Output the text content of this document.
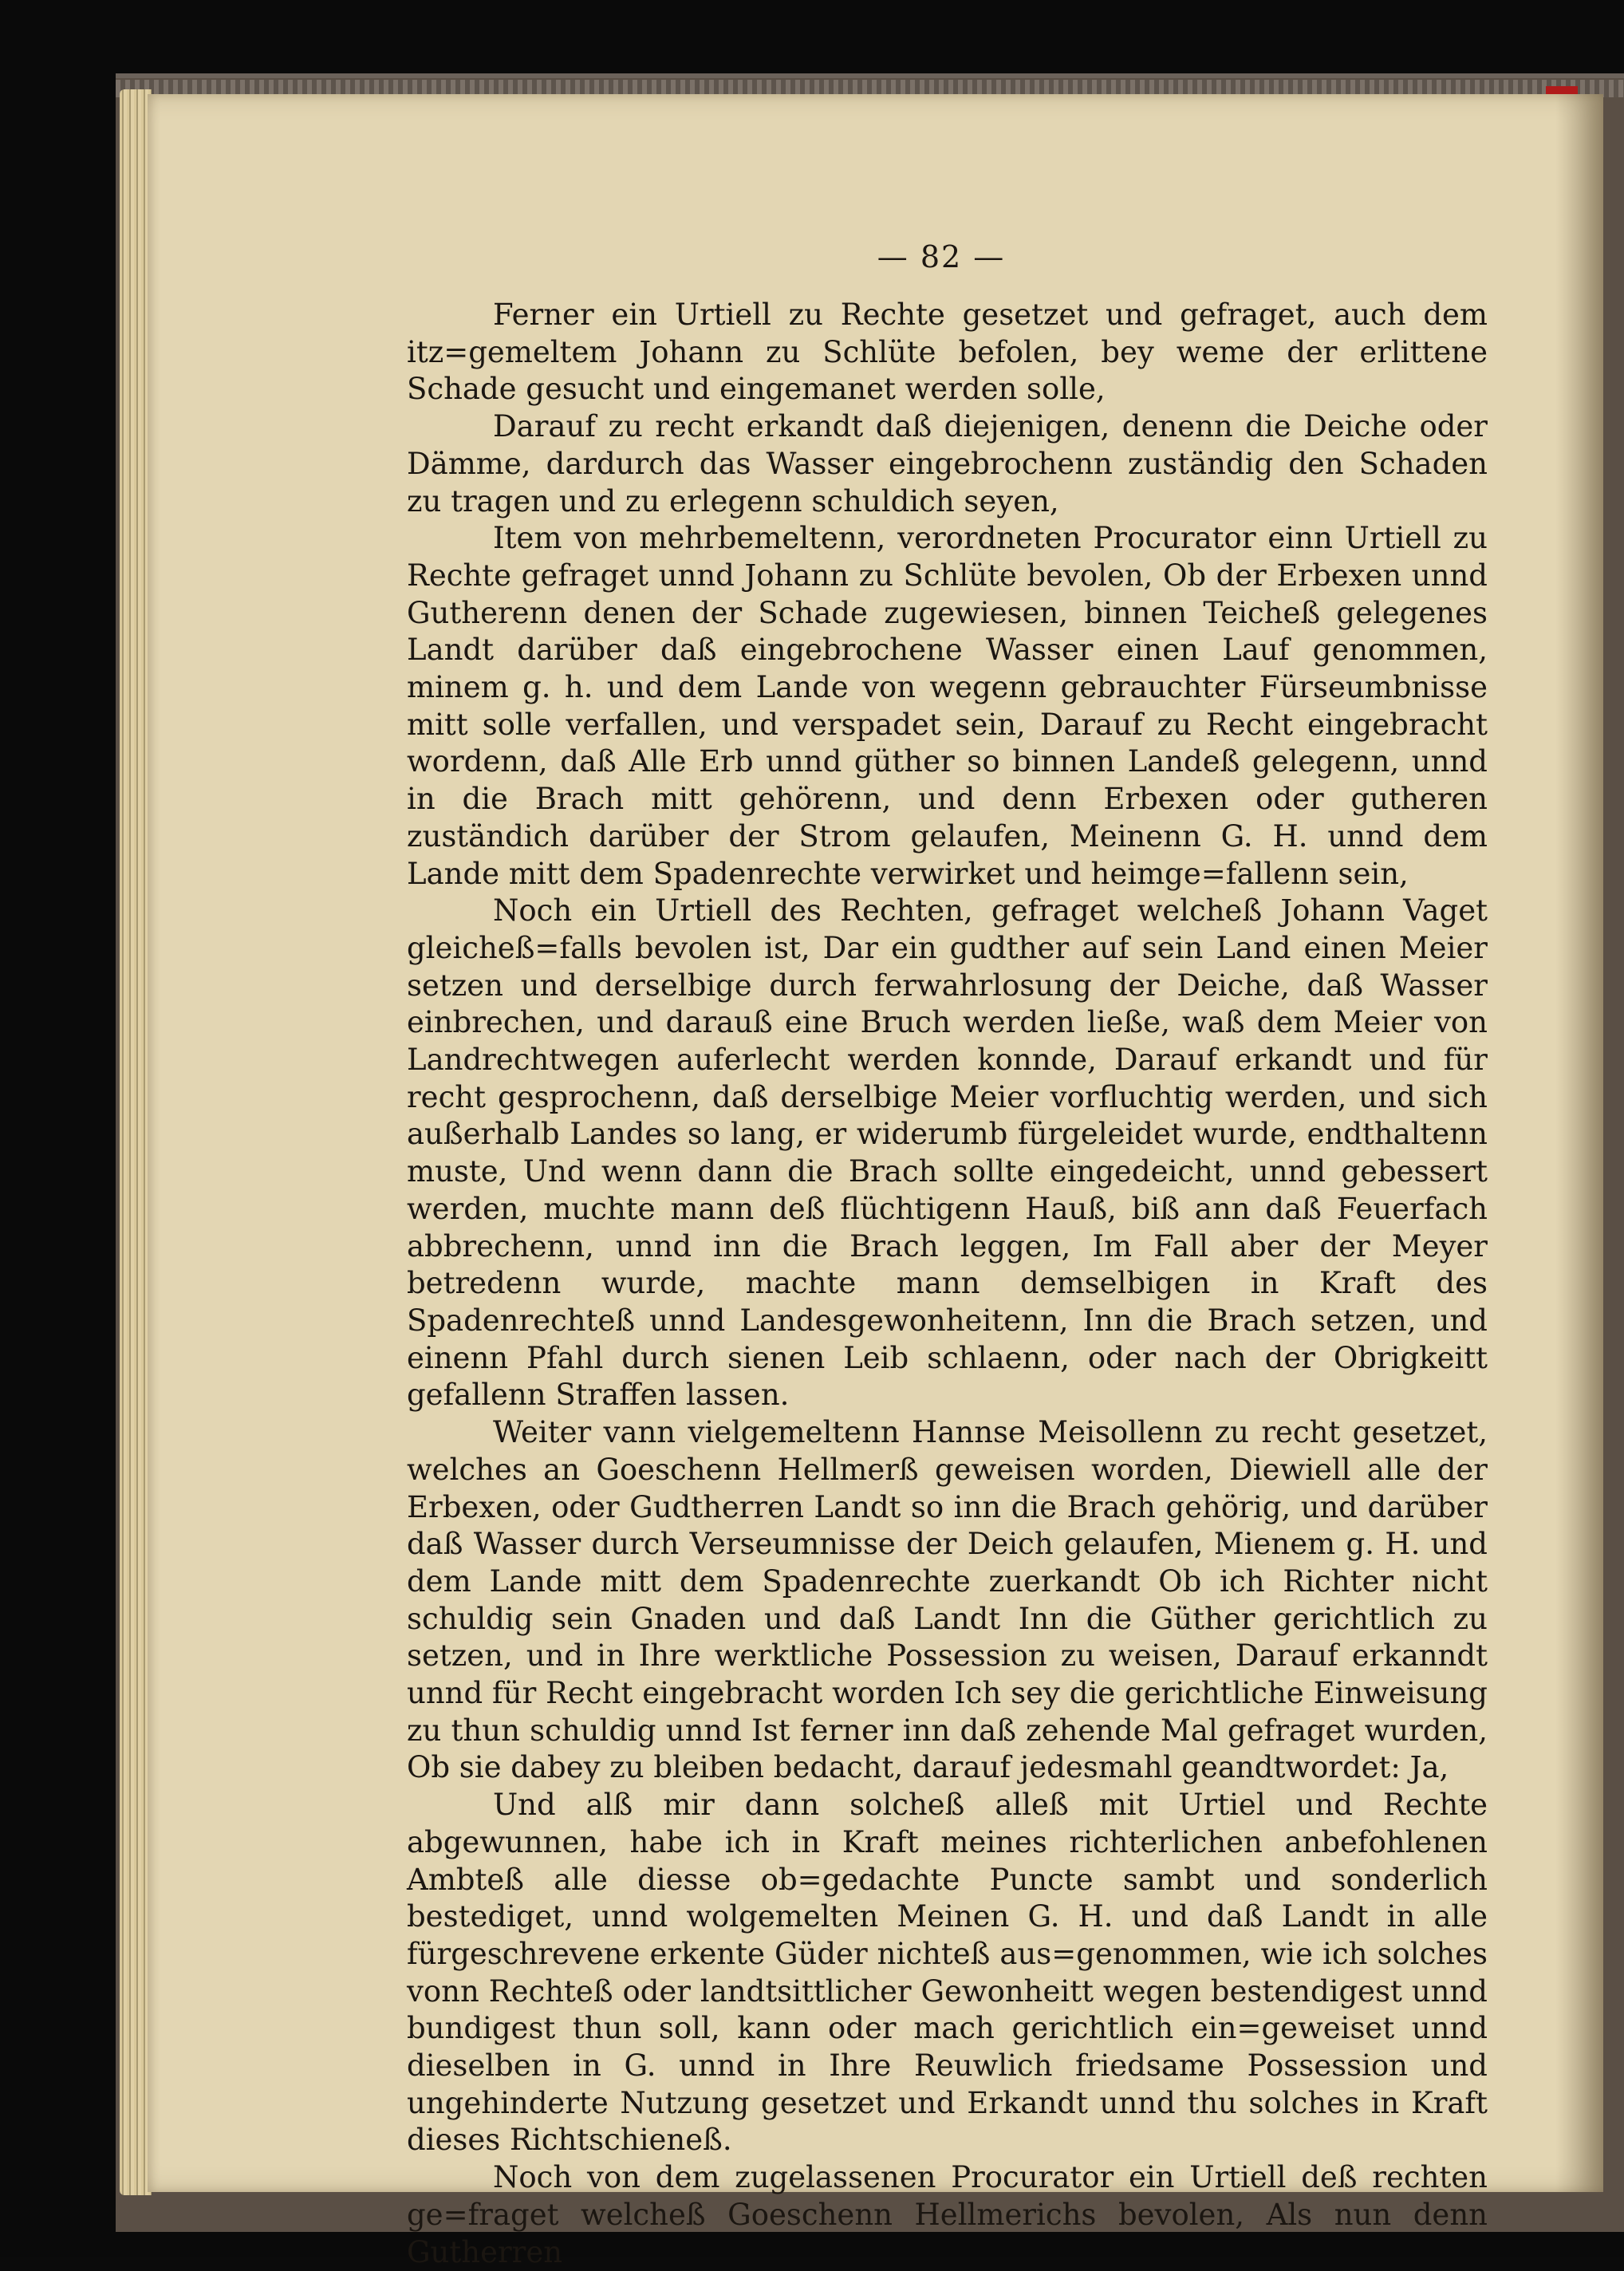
— 82 —

Ferner ein Urtiell zu Rechte gesetzet und gefraget, auch dem itz=gemeltem Johann zu Schlüte befolen, bey weme der erlittene Schade gesucht und eingemanet werden solle,

Darauf zu recht erkandt daß diejenigen, denenn die Deiche oder Dämme, dardurch das Wasser eingebrochenn zuständig den Schaden zu tragen und zu erlegenn schuldich seyen,

Item von mehrbemeltenn, verordneten Procurator einn Urtiell zu Rechte gefraget unnd Johann zu Schlüte bevolen, Ob der Erbexen unnd Gutherenn denen der Schade zugewiesen, binnen Teicheß gelegenes Landt darüber daß eingebrochene Wasser einen Lauf genommen, minem g. h. und dem Lande von wegenn gebrauchter Fürseumbnisse mitt solle verfallen, und verspadet sein, Darauf zu Recht eingebracht wordenn, daß Alle Erb unnd güther so binnen Landeß gelegenn, unnd in die Brach mitt gehörenn, und denn Erbexen oder gutheren zuständich darüber der Strom gelaufen, Meinenn G. H. unnd dem Lande mitt dem Spadenrechte verwirket und heimge=fallenn sein,

Noch ein Urtiell des Rechten, gefraget welcheß Johann Vaget gleicheß=falls bevolen ist, Dar ein gudther auf sein Land einen Meier setzen und derselbige durch ferwahrlosung der Deiche, daß Wasser einbrechen, und darauß eine Bruch werden ließe, waß dem Meier von Landrechtwegen auferlecht werden konnde, Darauf erkandt und für recht gesprochenn, daß derselbige Meier vorfluchtig werden, und sich außerhalb Landes so lang, er widerumb fürgeleidet wurde, endthaltenn muste, Und wenn dann die Brach sollte eingedeicht, unnd gebessert werden, muchte mann deß flüchtigenn Hauß, biß ann daß Feuerfach abbrechenn, unnd inn die Brach leggen, Im Fall aber der Meyer betredenn wurde, machte mann demselbigen in Kraft des Spadenrechteß unnd Landesgewonheitenn, Inn die Brach setzen, und einenn Pfahl durch sienen Leib schlaenn, oder nach der Obrigkeitt gefallenn Straffen lassen.

Weiter vann vielgemeltenn Hannse Meisollenn zu recht gesetzet, welches an Goeschenn Hellmerß geweisen worden, Diewiell alle der Erbexen, oder Gudtherren Landt so inn die Brach gehörig, und darüber daß Wasser durch Verseumnisse der Deich gelaufen, Mienem g. H. und dem Lande mitt dem Spadenrechte zuerkandt Ob ich Richter nicht schuldig sein Gnaden und daß Landt Inn die Güther gerichtlich zu setzen, und in Ihre werktliche Possession zu weisen, Darauf erkanndt unnd für Recht eingebracht worden Ich sey die gerichtliche Einweisung zu thun schuldig unnd Ist ferner inn daß zehende Mal gefraget wurden, Ob sie dabey zu bleiben bedacht, darauf jedesmahl geandtwordet: Ja,

Und alß mir dann solcheß alleß mit Urtiel und Rechte abgewunnen, habe ich in Kraft meines richterlichen anbefohlenen Ambteß alle diesse ob=gedachte Puncte sambt und sonderlich bestediget, unnd wolgemelten Meinen G. H. und daß Landt in alle fürgeschrevene erkente Güder nichteß aus=genommen, wie ich solches vonn Rechteß oder landtsittlicher Gewonheitt wegen bestendigest unnd bundigest thun soll, kann oder mach gerichtlich ein=geweiset unnd dieselben in G. unnd in Ihre Reuwlich friedsame Possession und ungehinderte Nutzung gesetzet und Erkandt unnd thu solches in Kraft dieses Richtschieneß.

Noch von dem zugelassenen Procurator ein Urtiell deß rechten ge=fraget welcheß Goeschenn Hellmerichs bevolen, Als nun denn Gutherren
